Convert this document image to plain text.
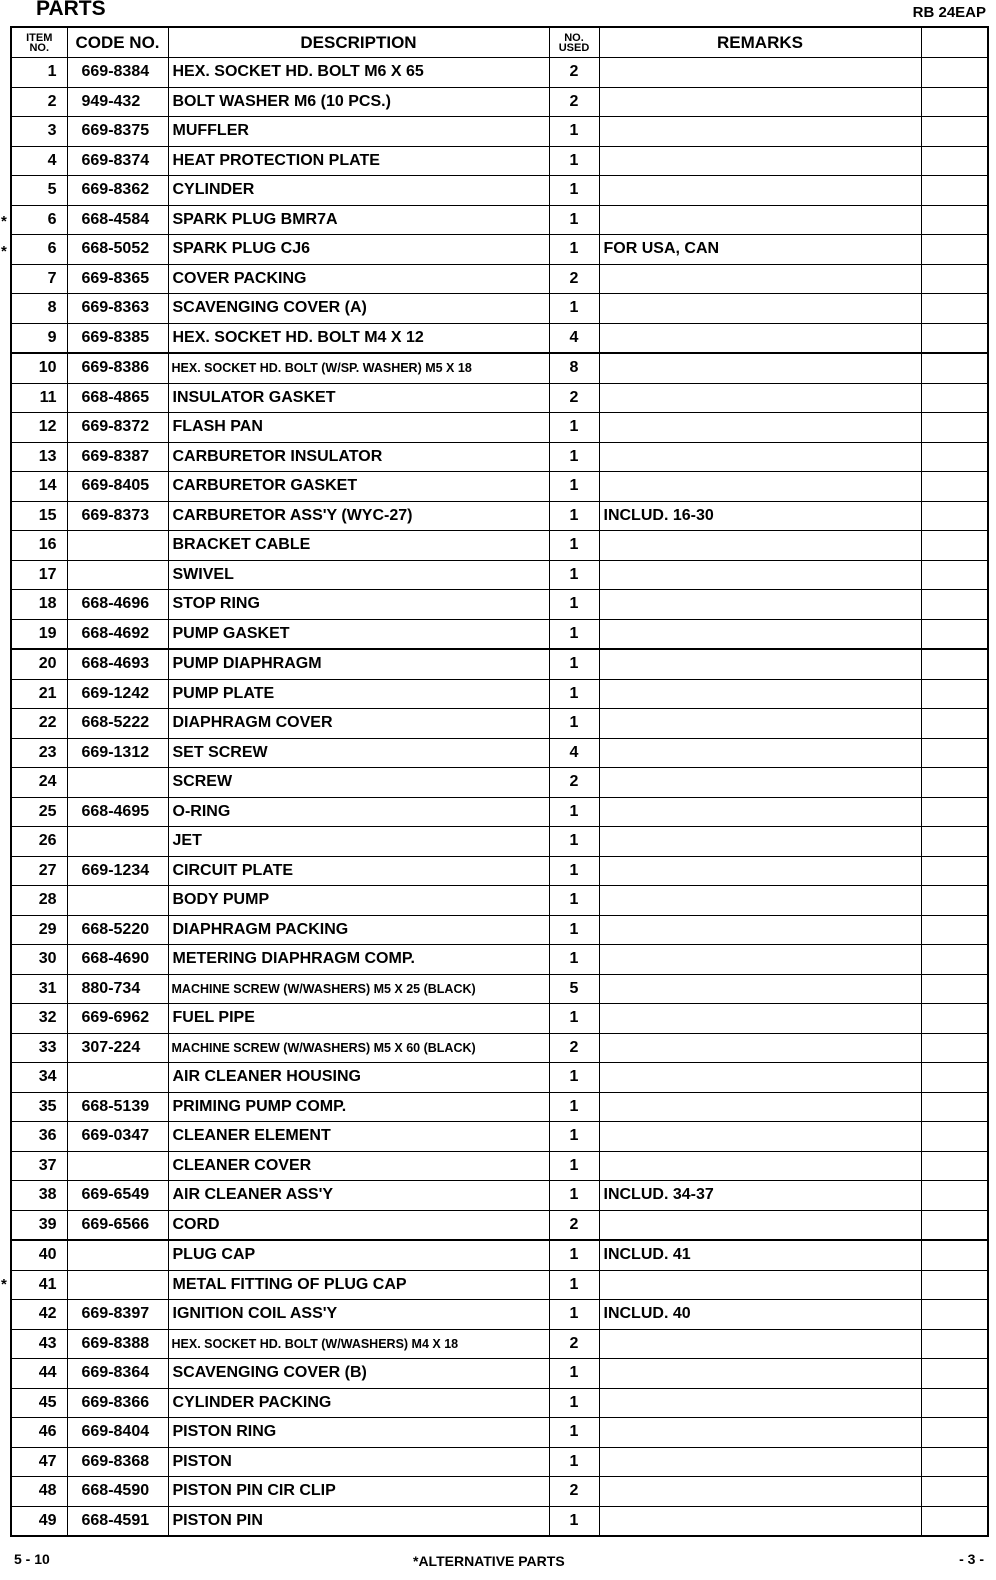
PARTS	RB 24EAP
ITEM
NO.	CODE NO.	DESCRIPTION	NO.
USED	REMARKS	
1	669-8384	HEX. SOCKET HD. BOLT M6 X 65	2		
2	949-432	BOLT WASHER M6 (10 PCS.)	2		
3	669-8375	MUFFLER	1		
4	669-8374	HEAT PROTECTION PLATE	1		
5	669-8362	CYLINDER	1		
6	668-4584	SPARK PLUG BMR7A	1		
6	668-5052	SPARK PLUG CJ6	1	FOR USA, CAN	
7	669-8365	COVER PACKING	2		
8	669-8363	SCAVENGING COVER (A)	1		
9	669-8385	HEX. SOCKET HD. BOLT M4 X 12	4		
10	669-8386	HEX. SOCKET HD. BOLT (W/SP. WASHER) M5 X 18	8		
11	668-4865	INSULATOR GASKET	2		
12	669-8372	FLASH PAN	1		
13	669-8387	CARBURETOR INSULATOR	1		
14	669-8405	CARBURETOR GASKET	1		
15	669-8373	CARBURETOR ASS'Y (WYC-27)	1	INCLUD. 16-30	
16		BRACKET CABLE	1		
17		SWIVEL	1		
18	668-4696	STOP RING	1		
19	668-4692	PUMP GASKET	1		
20	668-4693	PUMP DIAPHRAGM	1		
21	669-1242	PUMP PLATE	1		
22	668-5222	DIAPHRAGM COVER	1		
23	669-1312	SET SCREW	4		
24		SCREW	2		
25	668-4695	O-RING	1		
26		JET	1		
27	669-1234	CIRCUIT PLATE	1		
28		BODY PUMP	1		
29	668-5220	DIAPHRAGM PACKING	1		
30	668-4690	METERING DIAPHRAGM COMP.	1		
31	880-734	MACHINE SCREW (W/WASHERS) M5 X 25 (BLACK)	5		
32	669-6962	FUEL PIPE	1		
33	307-224	MACHINE SCREW (W/WASHERS) M5 X 60 (BLACK)	2		
34		AIR CLEANER HOUSING	1		
35	668-5139	PRIMING PUMP COMP.	1		
36	669-0347	CLEANER ELEMENT	1		
37		CLEANER COVER	1		
38	669-6549	AIR CLEANER ASS'Y	1	INCLUD. 34-37	
39	669-6566	CORD	2		
40		PLUG CAP	1	INCLUD. 41	
41		METAL FITTING OF PLUG CAP	1		
42	669-8397	IGNITION COIL ASS'Y	1	INCLUD. 40	
43	669-8388	HEX. SOCKET HD. BOLT (W/WASHERS) M4 X 18	2		
44	669-8364	SCAVENGING COVER (B)	1		
45	669-8366	CYLINDER PACKING	1		
46	669-8404	PISTON RING	1		
47	669-8368	PISTON	1		
48	668-4590	PISTON PIN CIR CLIP	2		
49	668-4591	PISTON PIN	1		
*
*
*
5 - 10	*ALTERNATIVE PARTS	- 3 -
